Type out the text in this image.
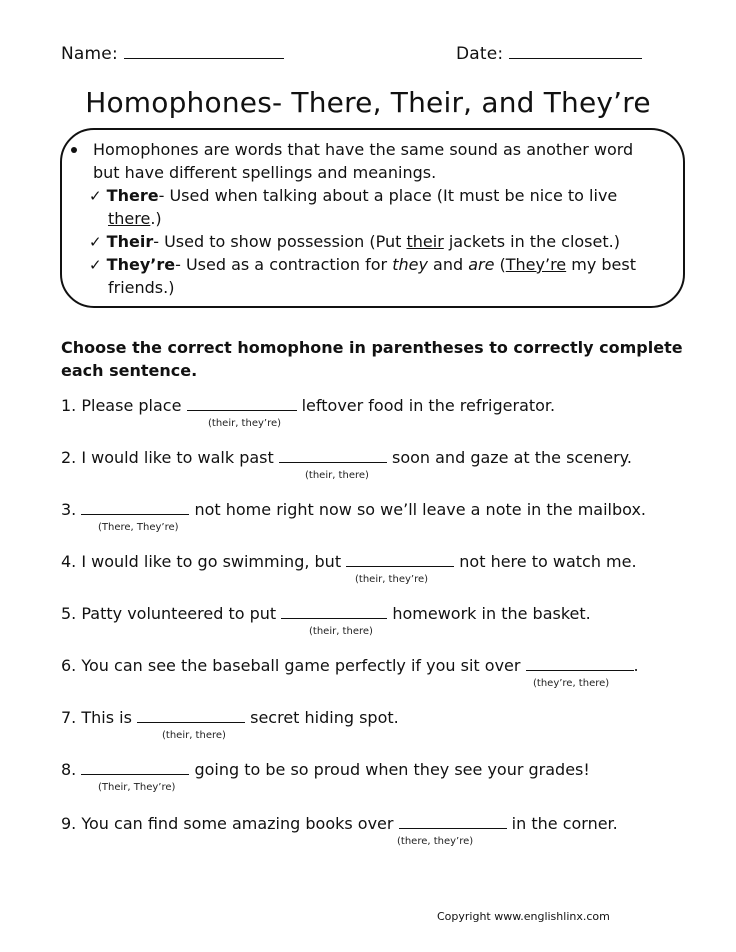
Name:	Date:
Homophones- There, Their, and They’re
Homophones are words that have the same sound as another word
but have different spellings and meanings.
✓ There- Used when talking about a place (It must be nice to live
there.)
✓ Their- Used to show possession (Put their jackets in the closet.)
✓ They’re- Used as a contraction for they and are (They’re my best
friends.)
Choose the correct homophone in parentheses to correctly complete
each sentence.
1. Please place	leftover food in the refrigerator.
(their, they’re)
2. I would like to walk past	soon and gaze at the scenery.
(their, there)
3.	not home right now so we’ll leave a note in the mailbox.
(There, They’re)
4. I would like to go swimming, but	not here to watch me.
(their, they’re)
5. Patty volunteered to put	homework in the basket.
(their, there)
6. You can see the baseball game perfectly if you sit over	.
(they’re, there)
7. This is	secret hiding spot.
(their, there)
8.	going to be so proud when they see your grades!
(Their, They’re)
9. You can find some amazing books over	in the corner.
(there, they’re)
Copyright www.englishlinx.com
